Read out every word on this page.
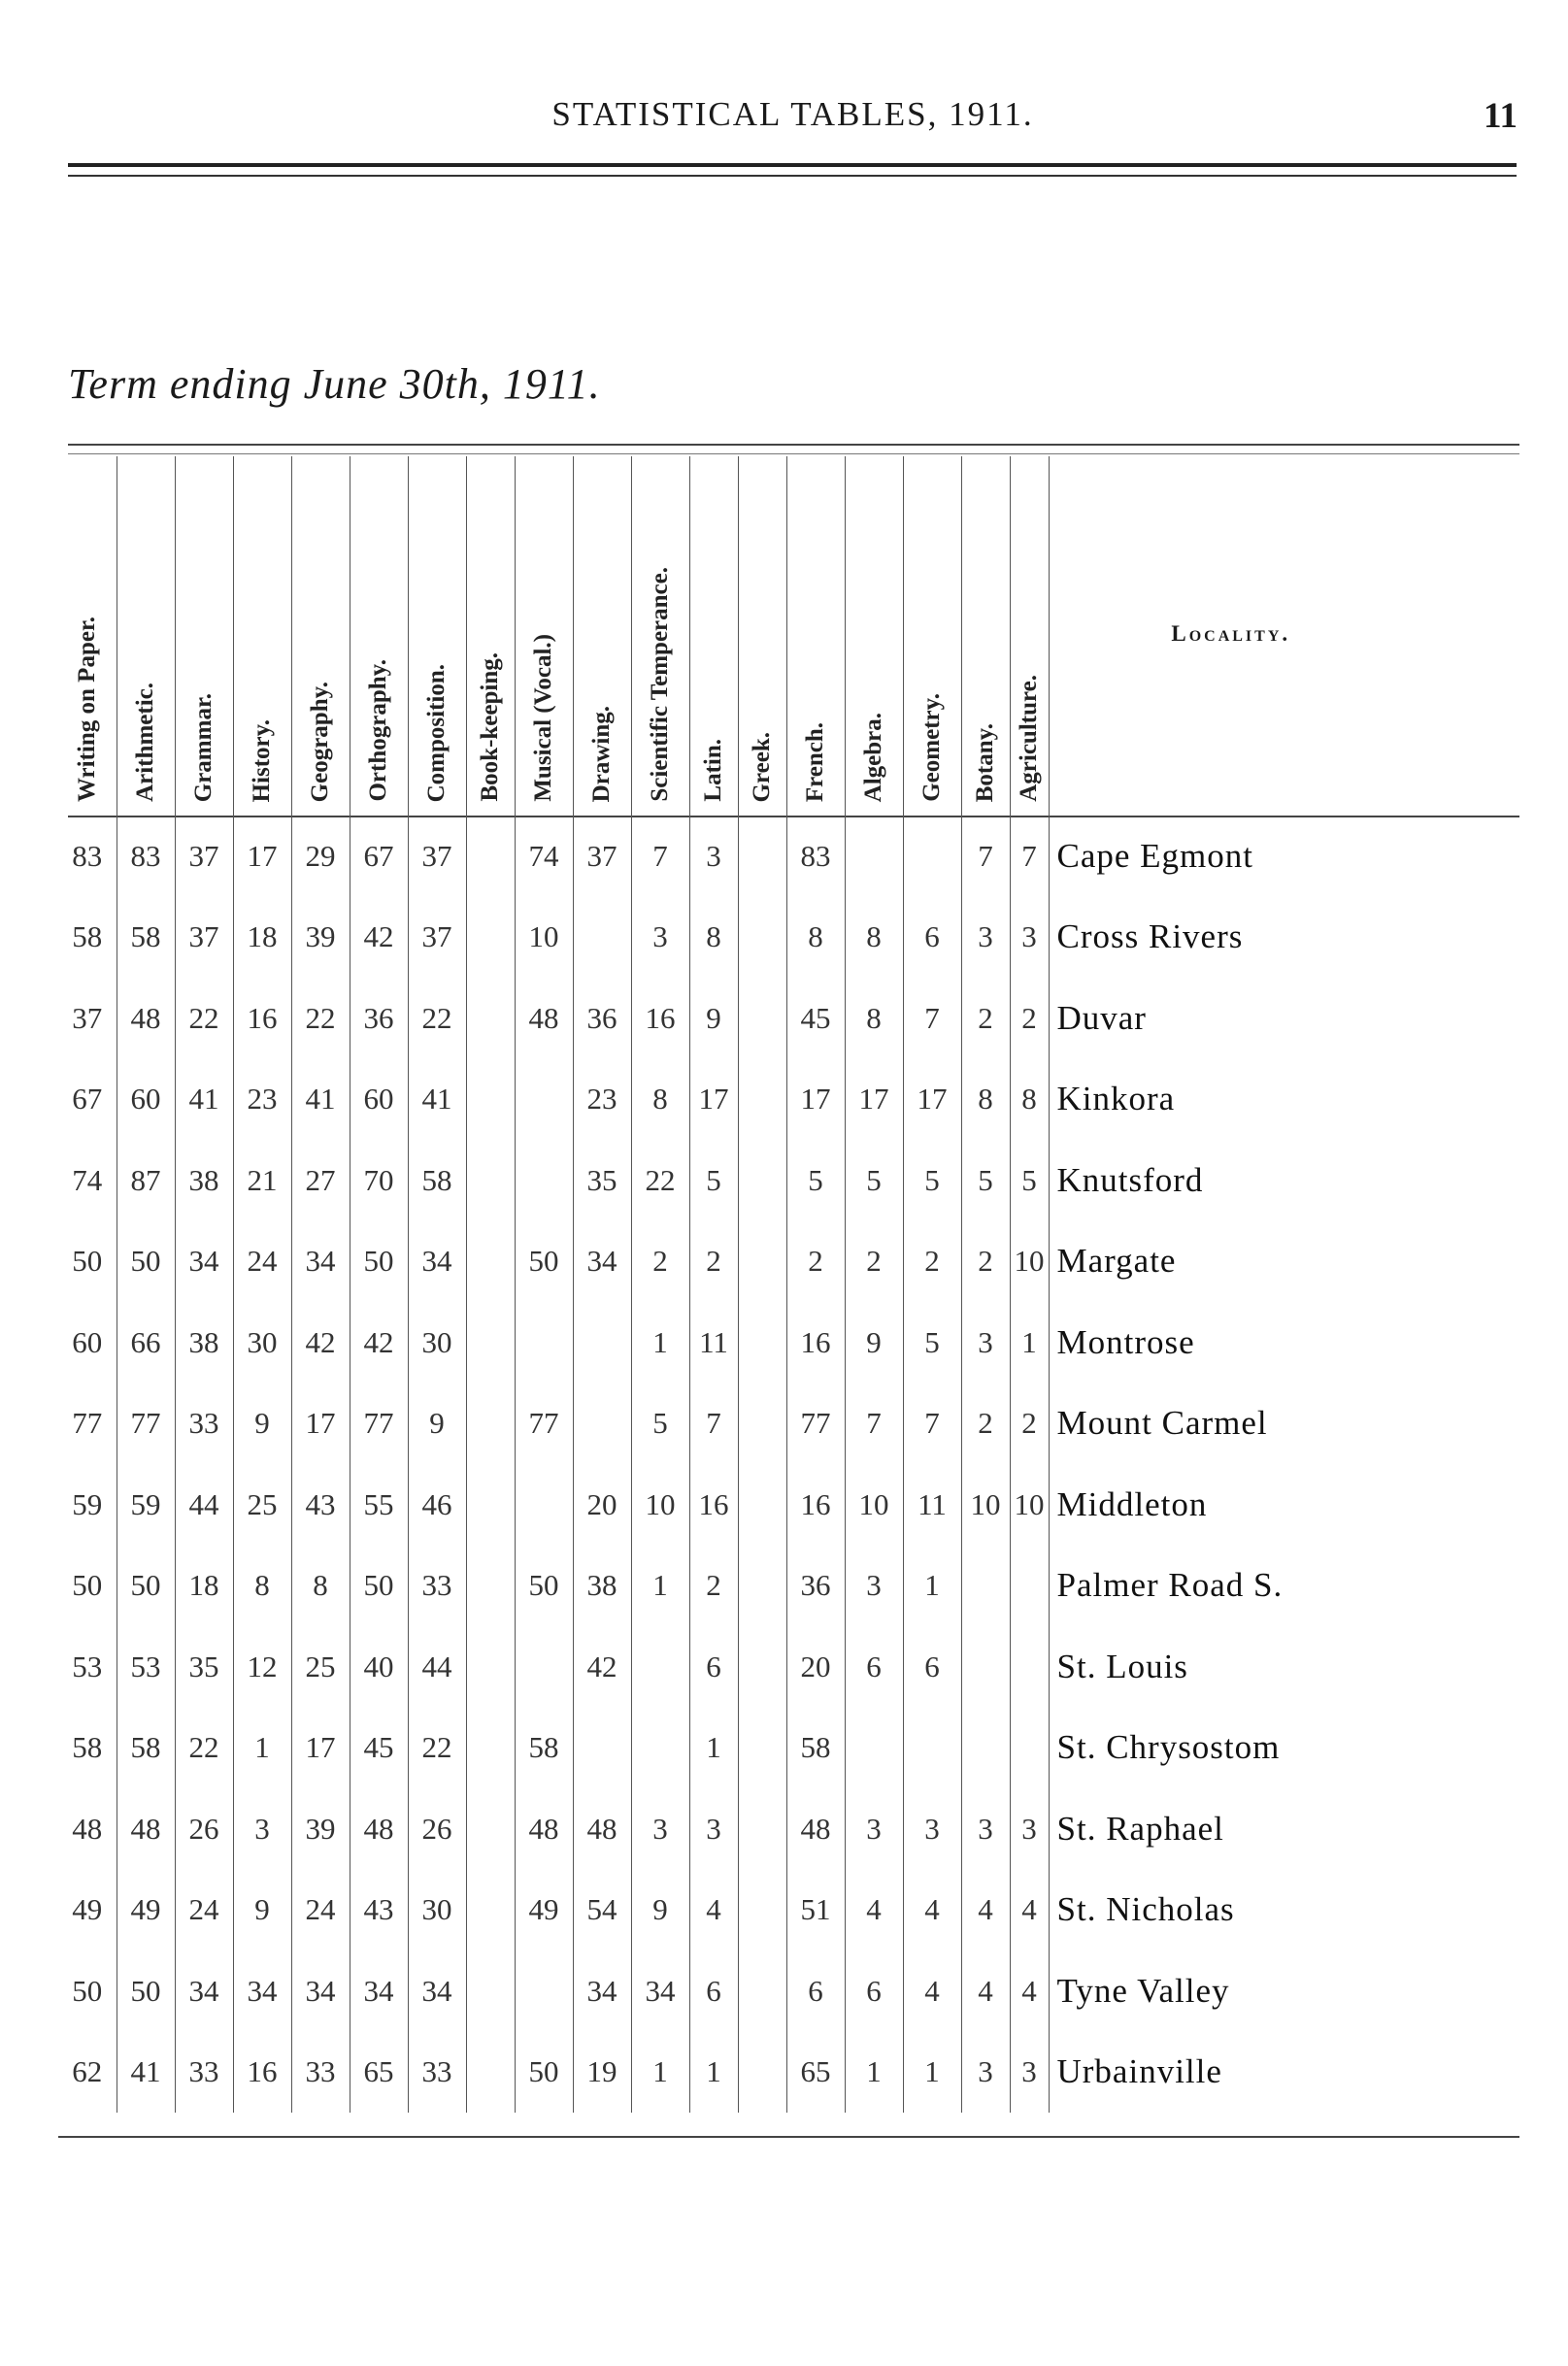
STATISTICAL TABLES, 1911.	11
Term ending June 30th, 1911.
Writing on Paper.	Arithmetic.	Grammar.	History.	Geography.	Orthography.	Composition.	Book-keeping.	Musical (Vocal.)	Drawing.	Scientific Temperance.	Latin.	Greek.	French.	Algebra.	Geometry.	Botany.	Agriculture.	Locality.

83	83	37	17	29	67	37		74	37	7	3		83			7	7	Cape Egmont
58	58	37	18	39	42	37		10		3	8		8	8	6	3	3	Cross Rivers
37	48	22	16	22	36	22		48	36	16	9		45	8	7	2	2	Duvar
67	60	41	23	41	60	41			23	8	17		17	17	17	8	8	Kinkora
74	87	38	21	27	70	58			35	22	5		5	5	5	5	5	Knutsford
50	50	34	24	34	50	34		50	34	2	2		2	2	2	2	10	Margate
60	66	38	30	42	42	30				1	11		16	9	5	3	1	Montrose
77	77	33	9	17	77	9		77		5	7		77	7	7	2	2	Mount Carmel
59	59	44	25	43	55	46			20	10	16		16	10	11	10	10	Middleton
50	50	18	8	8	50	33		50	38	1	2		36	3	1			Palmer Road S.
53	53	35	12	25	40	44			42		6		20	6	6			St. Louis
58	58	22	1	17	45	22		58			1		58					St. Chrysostom
48	48	26	3	39	48	26		48	48	3	3		48	3	3	3	3	St. Raphael
49	49	24	9	24	43	30		49	54	9	4		51	4	4	4	4	St. Nicholas
50	50	34	34	34	34	34			34	34	6		6	6	4	4	4	Tyne Valley
62	41	33	16	33	65	33		50	19	1	1		65	1	1	3	3	Urbainville
